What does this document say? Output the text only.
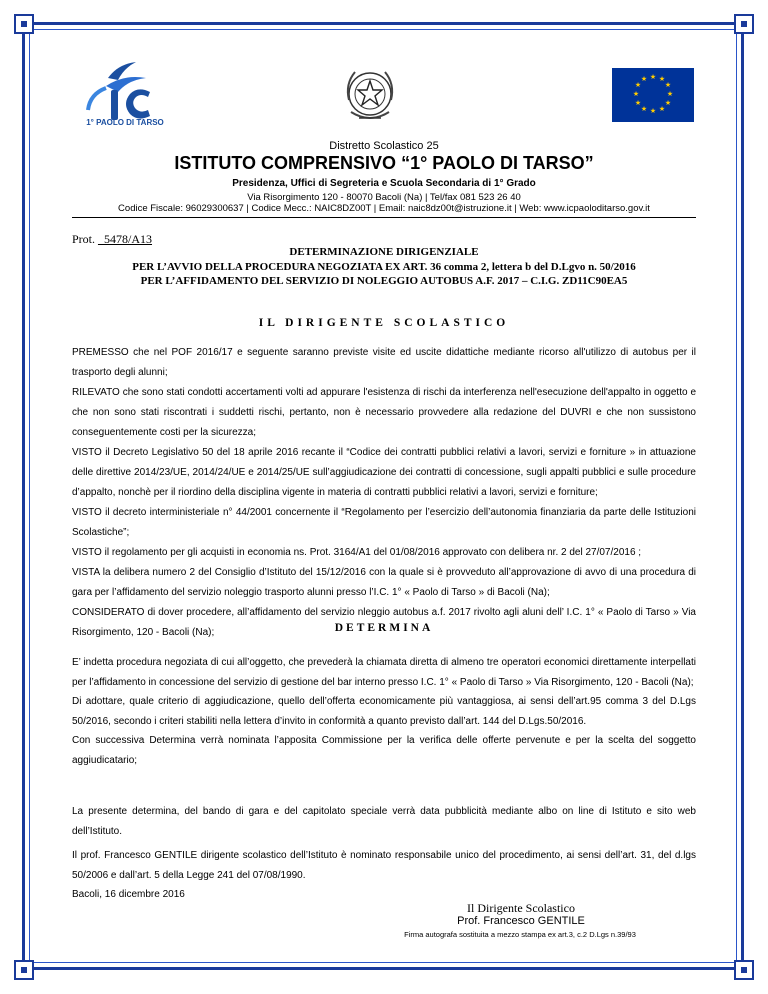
1° PAOLO DI TARSO
★ ★
★
★
★
★
★
★
★
★
★
★
Distretto Scolastico 25
ISTITUTO COMPRENSIVO “1° PAOLO DI TARSO”
Presidenza, Uffici di Segreteria e Scuola Secondaria di 1° Grado
Via Risorgimento 120 - 80070 Bacoli (Na) | Tel/fax 081 523 26 40
Codice Fiscale: 96029300637 | Codice Mecc.: NAIC8DZ00T | Email: naic8dz00t@istruzione.it | Web: www.icpaoloditarso.gov.it
Prot. _5478/A13
DETERMINAZIONE DIRIGENZIALE
PER L’AVVIO DELLA PROCEDURA NEGOZIATA EX ART. 36 comma 2, lettera b del D.Lgvo n. 50/2016
PER L’AFFIDAMENTO DEL SERVIZIO DI NOLEGGIO AUTOBUS A.F. 2017 – C.I.G. ZD11C90EA5
IL DIRIGENTE SCOLASTICO

PREMESSO che nel POF 2016/17 e seguente saranno previste visite ed uscite didattiche mediante ricorso all'utilizzo di autobus per il trasporto degli alunni;

RILEVATO che sono stati condotti accertamenti volti ad appurare l'esistenza di rischi da interferenza nell'esecuzione dell'appalto in oggetto e che non sono stati riscontrati i suddetti rischi, pertanto, non è necessario provvedere alla redazione del DUVRI e che non sussistono conseguentemente costi per la sicurezza;

VISTO il Decreto Legislativo 50 del 18 aprile 2016 recante il “Codice dei contratti pubblici relativi a lavori, servizi e forniture » in attuazione delle direttive 2014/23/UE, 2014/24/UE e 2014/25/UE sull’aggiudicazione dei contratti di concessione, sugli appalti pubblici e sulle procedure d’appalto, nonchè per il riordino della disciplina vigente in materia di contratti pubblici relativi a lavori, servizi e forniture;

VISTO il decreto interministeriale n° 44/2001 concernente il “Regolamento per l’esercizio dell’autonomia finanziaria da parte delle Istituzioni Scolastiche”;

VISTO il regolamento per gli acquisti in economia ns. Prot. 3164/A1 del 01/08/2016 approvato con delibera nr. 2 del 27/07/2016 ;

VISTA la delibera numero 2 del Consiglio d’Istituto del 15/12/2016 con la quale si è provveduto all’approvazione di avvo di una procedura di gara per l’affidamento del servizio noleggio trasporto alunni presso l’I.C. 1° « Paolo di Tarso » di Bacoli (Na);

CONSIDERATO di dover procedere, all’affidamento del servizio nleggio autobus a.f. 2017 rivolto agli aluni dell’ I.C. 1° « Paolo di Tarso » Via Risorgimento, 120 - Bacoli (Na);	DETERMINA

E’ indetta procedura negoziata di cui all’oggetto, che prevederà la chiamata diretta di almeno tre operatori economici direttamente interpellati per l’affidamento in concessione del servizio di gestione del bar interno presso I.C. 1° « Paolo di Tarso » Via Risorgimento, 120 - Bacoli (Na);

Di adottare, quale criterio di aggiudicazione, quello dell’offerta economicamente più vantaggiosa, ai sensi dell’art.95 comma 3 del D.Lgs 50/2016, secondo i criteri stabiliti nella lettera d’invito in conformità a quanto previsto dall’art. 144 del D.Lgs.50/2016.

Con successiva Determina verrà nominata l’apposita Commissione per la verifica delle offerte pervenute e per la scelta del soggetto aggiudicatario;

La presente determina, del bando di gara e del capitolato speciale verrà data pubblicità mediante albo on line di Istituto e sito web dell’Istituto.

Il prof. Francesco GENTILE dirigente scolastico dell’Istituto è nominato responsabile unico del procedimento, ai sensi dell’art. 31, del d.lgs 50/2006 e dall’art. 5 della Legge 241 del 07/08/1990.

Bacoli, 16 dicembre 2016
Il Dirigente Scolastico
Prof. Francesco GENTILE
Firma autografa sostituita a mezzo stampa ex art.3, c.2 D.Lgs n.39/93
